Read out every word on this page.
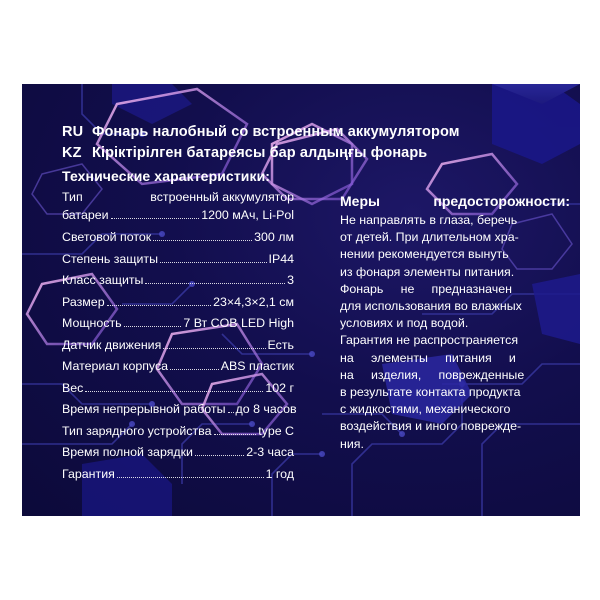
RU Фонарь налобный со встроенным аккумулятором
KZ Кіріктірілген батареясы бар алдыңғы фонарь
Технические характеристики:
Тип	встроенный аккумулятор
батареи	1200 мАч, Li-Pol
Световой поток	300 лм
Степень защиты	IP44
Класс защиты	3
Размер	23×4,3×2,1 см
Мощность	7 Вт COB LED High
Датчик движения	Есть
Материал корпуса	ABS пластик
Вес	102 г
Время непрерывной работы до 8 часов
Тип зарядного устройства	type C
Время полной зарядки	2-3 часа
Гарантия	1 год
Меры	предосторожности:
Не направлять в глаза, беречь
от детей. При длительном хра-
нении рекомендуется вынуть
из фонаря элементы питания.
Фонарь     не     предназначен
для использования во влажных
условиях и под водой.
Гарантия не распространяется
на     элементы     питания     и
на     изделия,     поврежденные
в результате контакта продукта
с жидкостями, механического
воздействия и иного поврежде-
ния.
